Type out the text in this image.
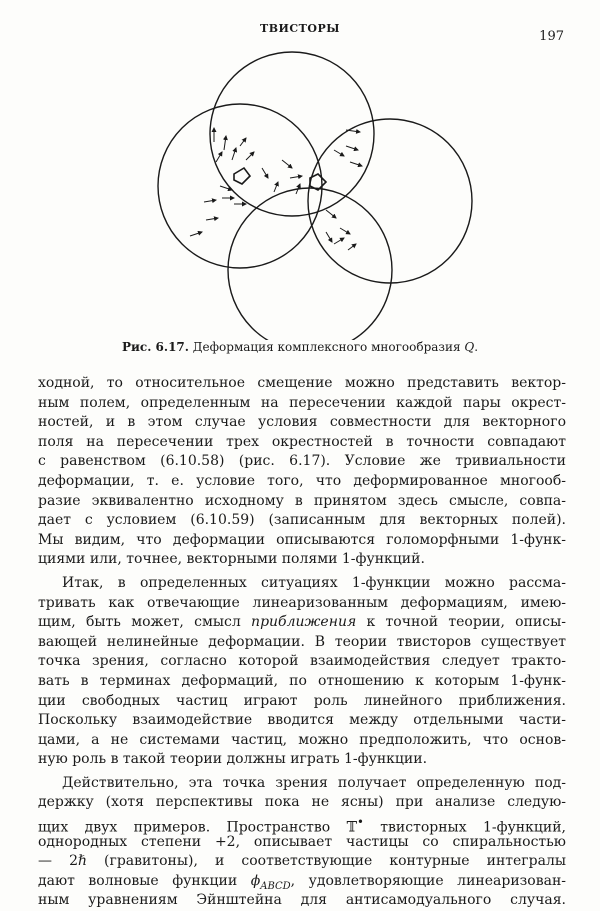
ТВИСТОРЫ
197
Рис. 6.17. Деформация комплексного многообразия Q.
ходной, то относительное смещение можно представить вектор-
ным полем, определенным на пересечении каждой пары окрест-
ностей, и в этом случае условия совместности для векторного
поля на пересечении трех окрестностей в точности совпадают
с равенством (6.10.58) (рис. 6.17). Условие же тривиальности
деформации, т. е. условие того, что деформированное многооб-
разие эквивалентно исходному в принятом здесь смысле, совпа-
дает с условием (6.10.59) (записанным для векторных полей).
Мы видим, что деформации описываются голоморфными 1-функ-
циями или, точнее, векторными полями 1-функций.
Итак, в определенных ситуациях 1-функции можно рассма-
тривать как отвечающие линеаризованным деформациям, имею-
щим, быть может, смысл приближения к точной теории, описы-
вающей нелинейные деформации. В теории твисторов существует
точка зрения, согласно которой взаимодействия следует тракто-
вать в терминах деформаций, по отношению к которым 1-функ-
ции свободных частиц играют роль линейного приближения.
Поскольку взаимодействие вводится между отдельными части-
цами, а не системами частиц, можно предположить, что основ-
ную роль в такой теории должны играть 1-функции.
Действительно, эта точка зрения получает определенную под-
держку (хотя перспективы пока не ясны) при анализе следую-
щих двух примеров. Пространство 𝕋• твисторных 1-функций,
однородных степени +2, описывает частицы со спиральностью
— 2ℏ (гравитоны), и соответствующие контурные интегралы
дают волновые функции $\phi_{ABCD}$, удовлетворяющие линеаризован-
ным уравнениям Эйнштейна для антисамодуального случая.
